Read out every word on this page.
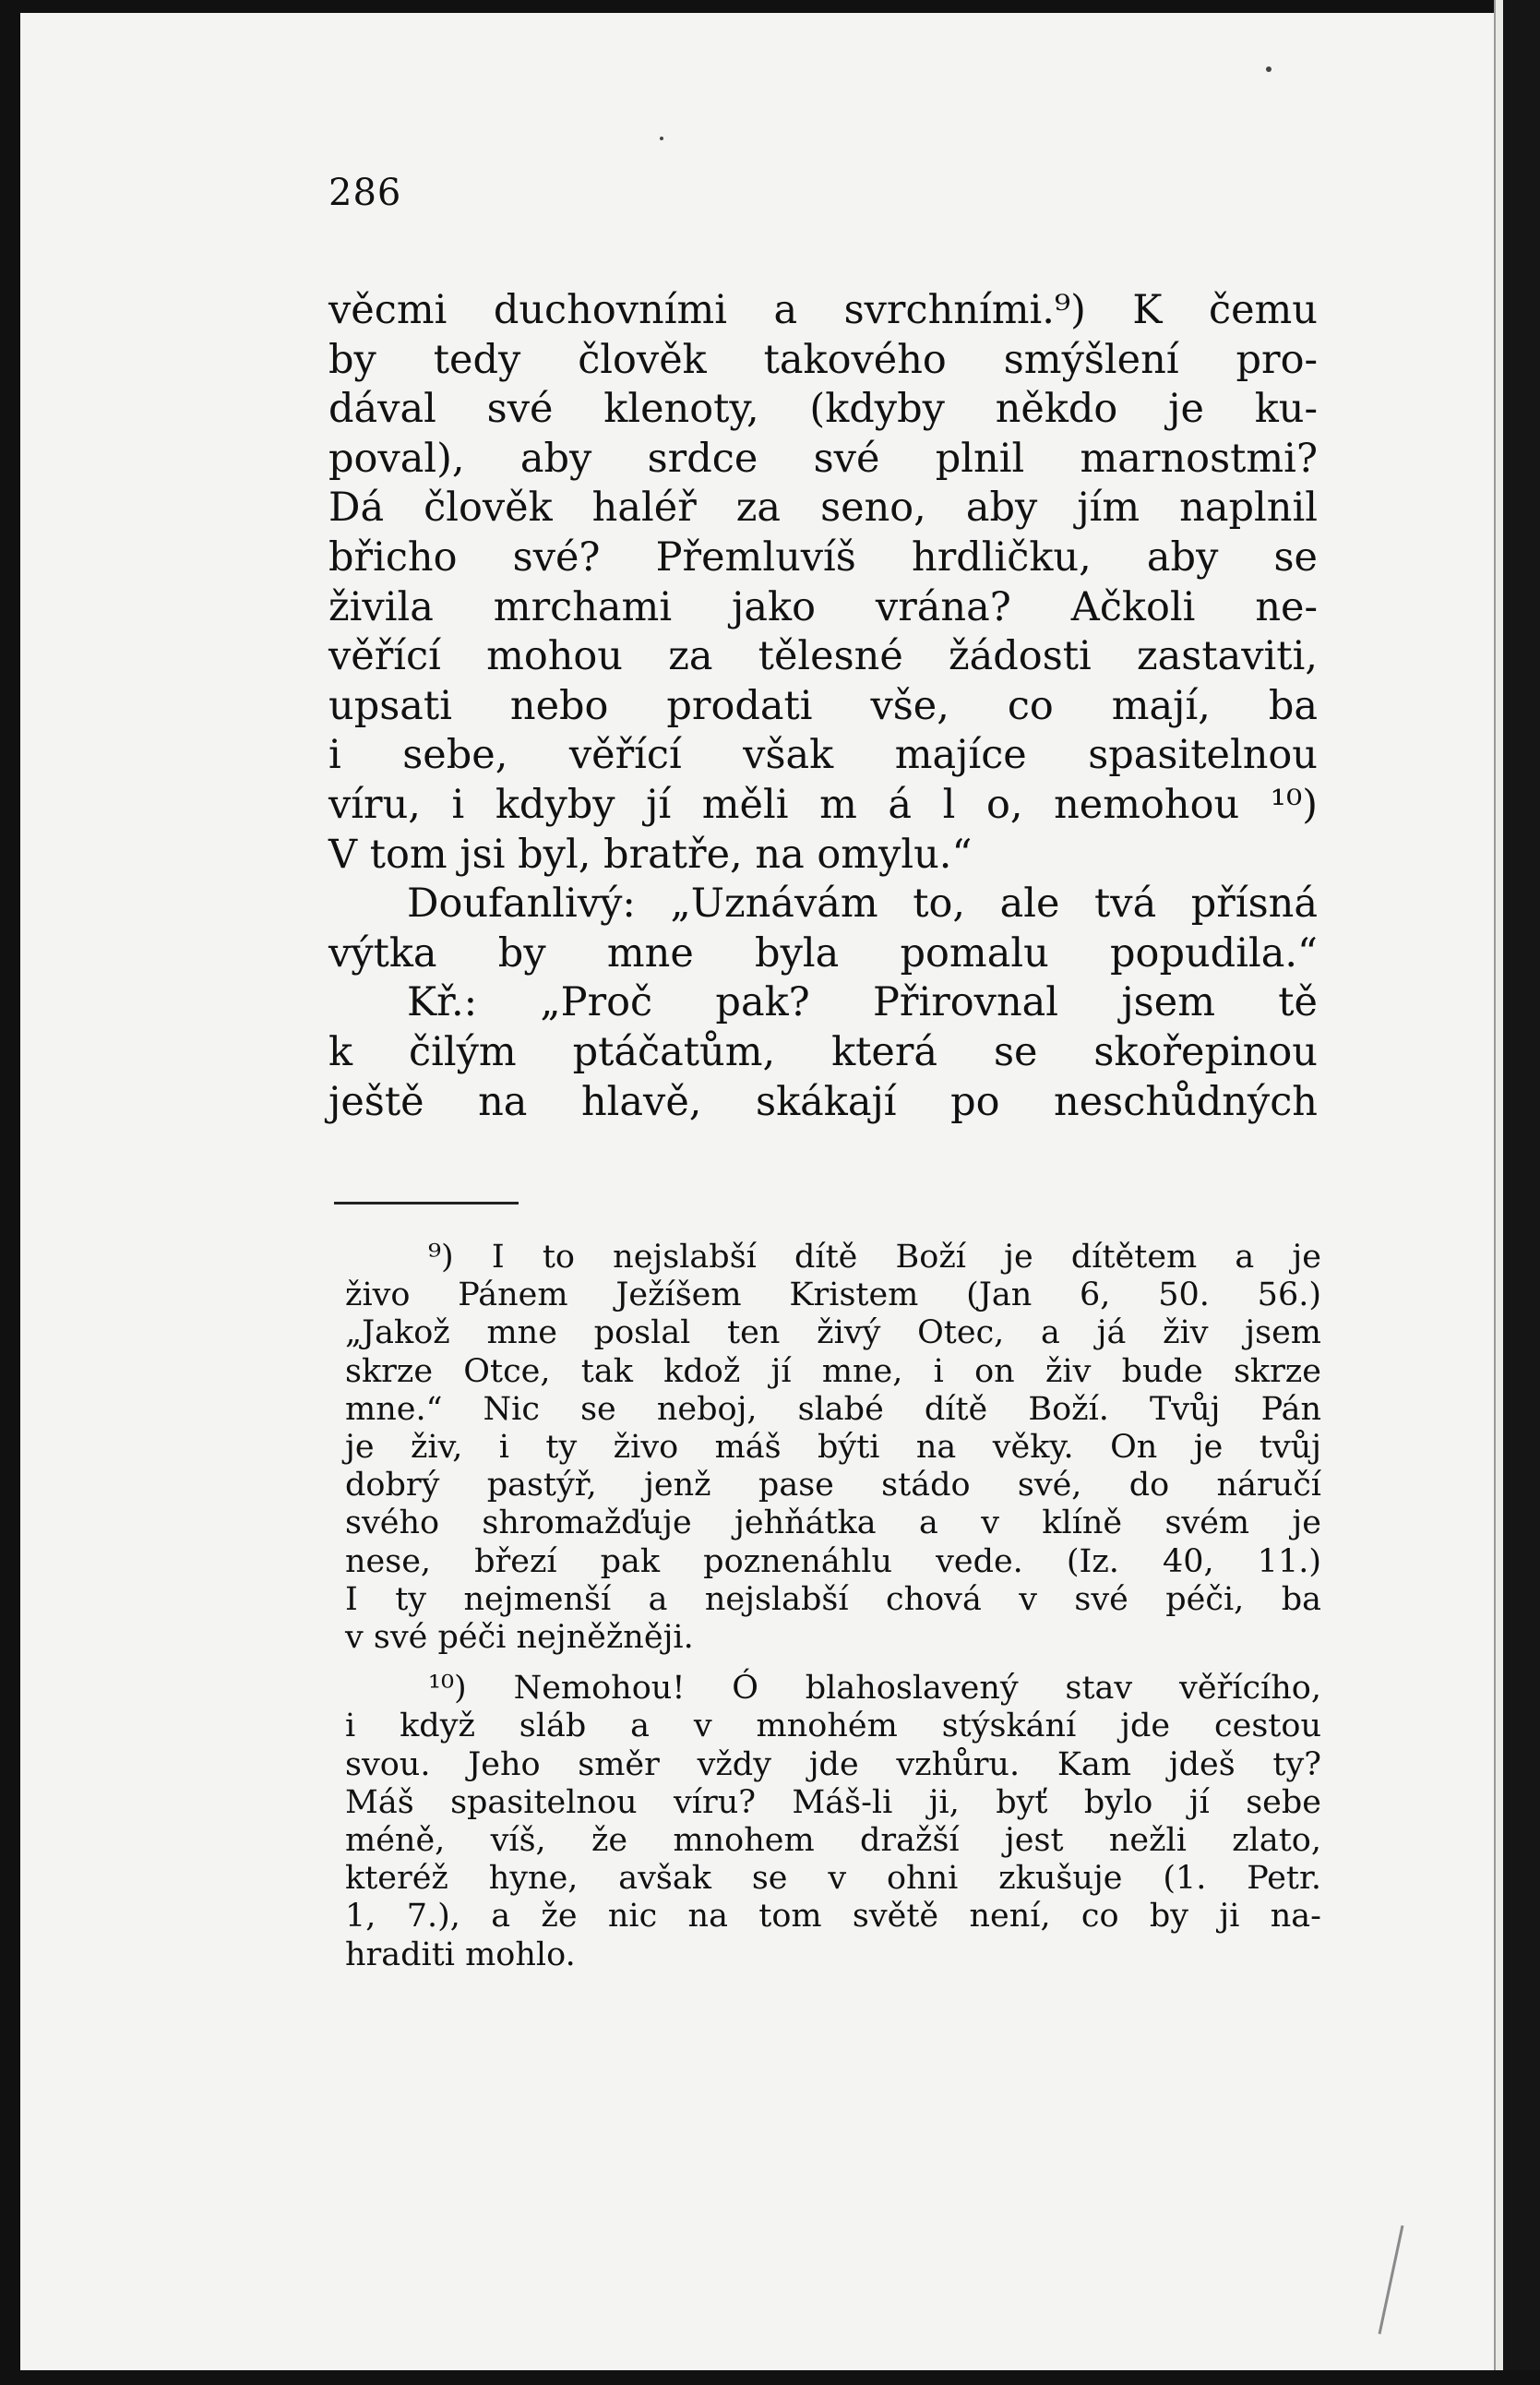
286
věcmi duchovními a svrchními.⁹) K čemu
by tedy člověk takového smýšlení pro-
dával své klenoty, (kdyby někdo je ku-
poval), aby srdce své plnil marnostmi?
Dá člověk haléř za seno, aby jím naplnil
břicho své? Přemluvíš hrdličku, aby se
živila mrchami jako vrána? Ačkoli ne-
věřící mohou za tělesné žádosti zastaviti,
upsati nebo prodati vše, co mají, ba
i sebe, věřící však majíce spasitelnou
víru, i kdyby jí měli m á l o, nemohou ¹⁰)
V tom jsi byl, bratře, na omylu.“
Doufanlivý: „Uznávám to, ale tvá přísná
výtka by mne byla pomalu popudila.“
Kř.: „Proč pak? Přirovnal jsem tě
k čilým ptáčatům, která se skořepinou
ještě na hlavě, skákají po neschůdných
⁹) I to nejslabší dítě Boží je dítětem a je
živo Pánem Ježíšem Kristem (Jan 6, 50. 56.)
„Jakož mne poslal ten živý Otec, a já živ jsem
skrze Otce, tak kdož jí mne, i on živ bude skrze
mne.“ Nic se neboj, slabé dítě Boží. Tvůj Pán
je živ, i ty živo máš býti na věky. On je tvůj
dobrý pastýř, jenž pase stádo své, do náručí
svého shromažďuje jehňátka a v klíně svém je
nese, březí pak poznenáhlu vede. (Iz. 40, 11.)
I ty nejmenší a nejslabší chová v své péči, ba
v své péči nejněžněji.
¹⁰) Nemohou! Ó blahoslavený stav věřícího,
i když sláb a v mnohém stýskání jde cestou
svou. Jeho směr vždy jde vzhůru. Kam jdeš ty?
Máš spasitelnou víru? Máš-li ji, byť bylo jí sebe
méně, víš, že mnohem dražší jest nežli zlato,
kteréž hyne, avšak se v ohni zkušuje (1. Petr.
1, 7.), a že nic na tom světě není, co by ji na-
hraditi mohlo.
